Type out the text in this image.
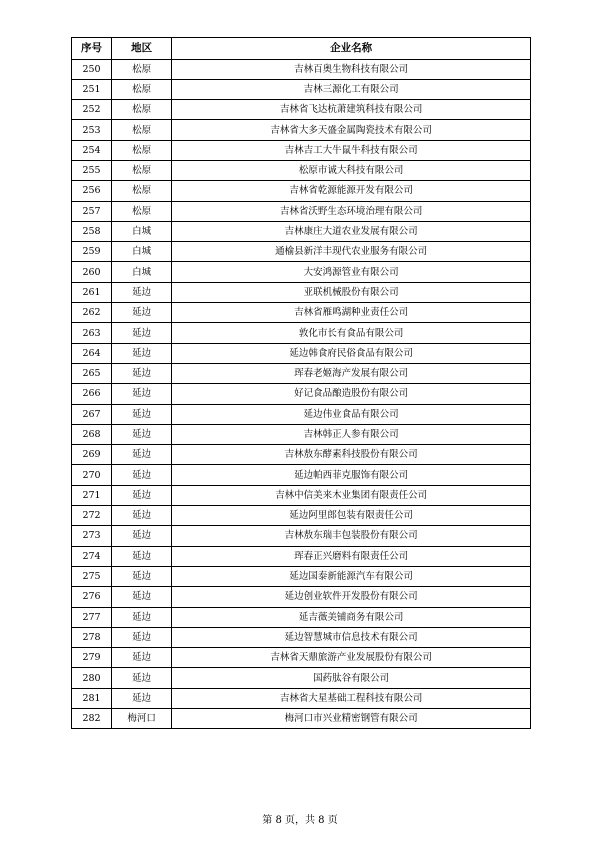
序号	地区	企业名称
250	松原	吉林百奥生物科技有限公司
251	松原	吉林三源化工有限公司
252	松原	吉林省飞达杭萧建筑科技有限公司
253	松原	吉林省大多天盛金属陶瓷技术有限公司
254	松原	吉林吉工大牛鼠牛科技有限公司
255	松原	松原市诚大科技有限公司
256	松原	吉林省乾源能源开发有限公司
257	松原	吉林省沃野生态环境治理有限公司
258	白城	吉林康庄大道农业发展有限公司
259	白城	通榆县新洋丰现代农业服务有限公司
260	白城	大安鸿源管业有限公司
261	延边	亚联机械股份有限公司
262	延边	吉林省雁鸣湖种业责任公司
263	延边	敦化市长有食品有限公司
264	延边	延边韩食府民俗食品有限公司
265	延边	珲春老姬海产发展有限公司
266	延边	好记食品酿造股份有限公司
267	延边	延边伟业食品有限公司
268	延边	吉林韩正人参有限公司
269	延边	吉林敖东酵素科技股份有限公司
270	延边	延边帕西菲克服饰有限公司
271	延边	吉林中信美来木业集团有限责任公司
272	延边	延边阿里郎包装有限责任公司
273	延边	吉林敖东瑞丰包装股份有限公司
274	延边	珲春正兴磨料有限责任公司
275	延边	延边国泰新能源汽车有限公司
276	延边	延边创业软件开发股份有限公司
277	延边	延吉薇美铺商务有限公司
278	延边	延边智慧城市信息技术有限公司
279	延边	吉林省天鼎旅游产业发展股份有限公司
280	延边	国药肽谷有限公司
281	延边	吉林省大星基础工程科技有限公司
282	梅河口	梅河口市兴业精密钢管有限公司
第 8 页，共 8 页
